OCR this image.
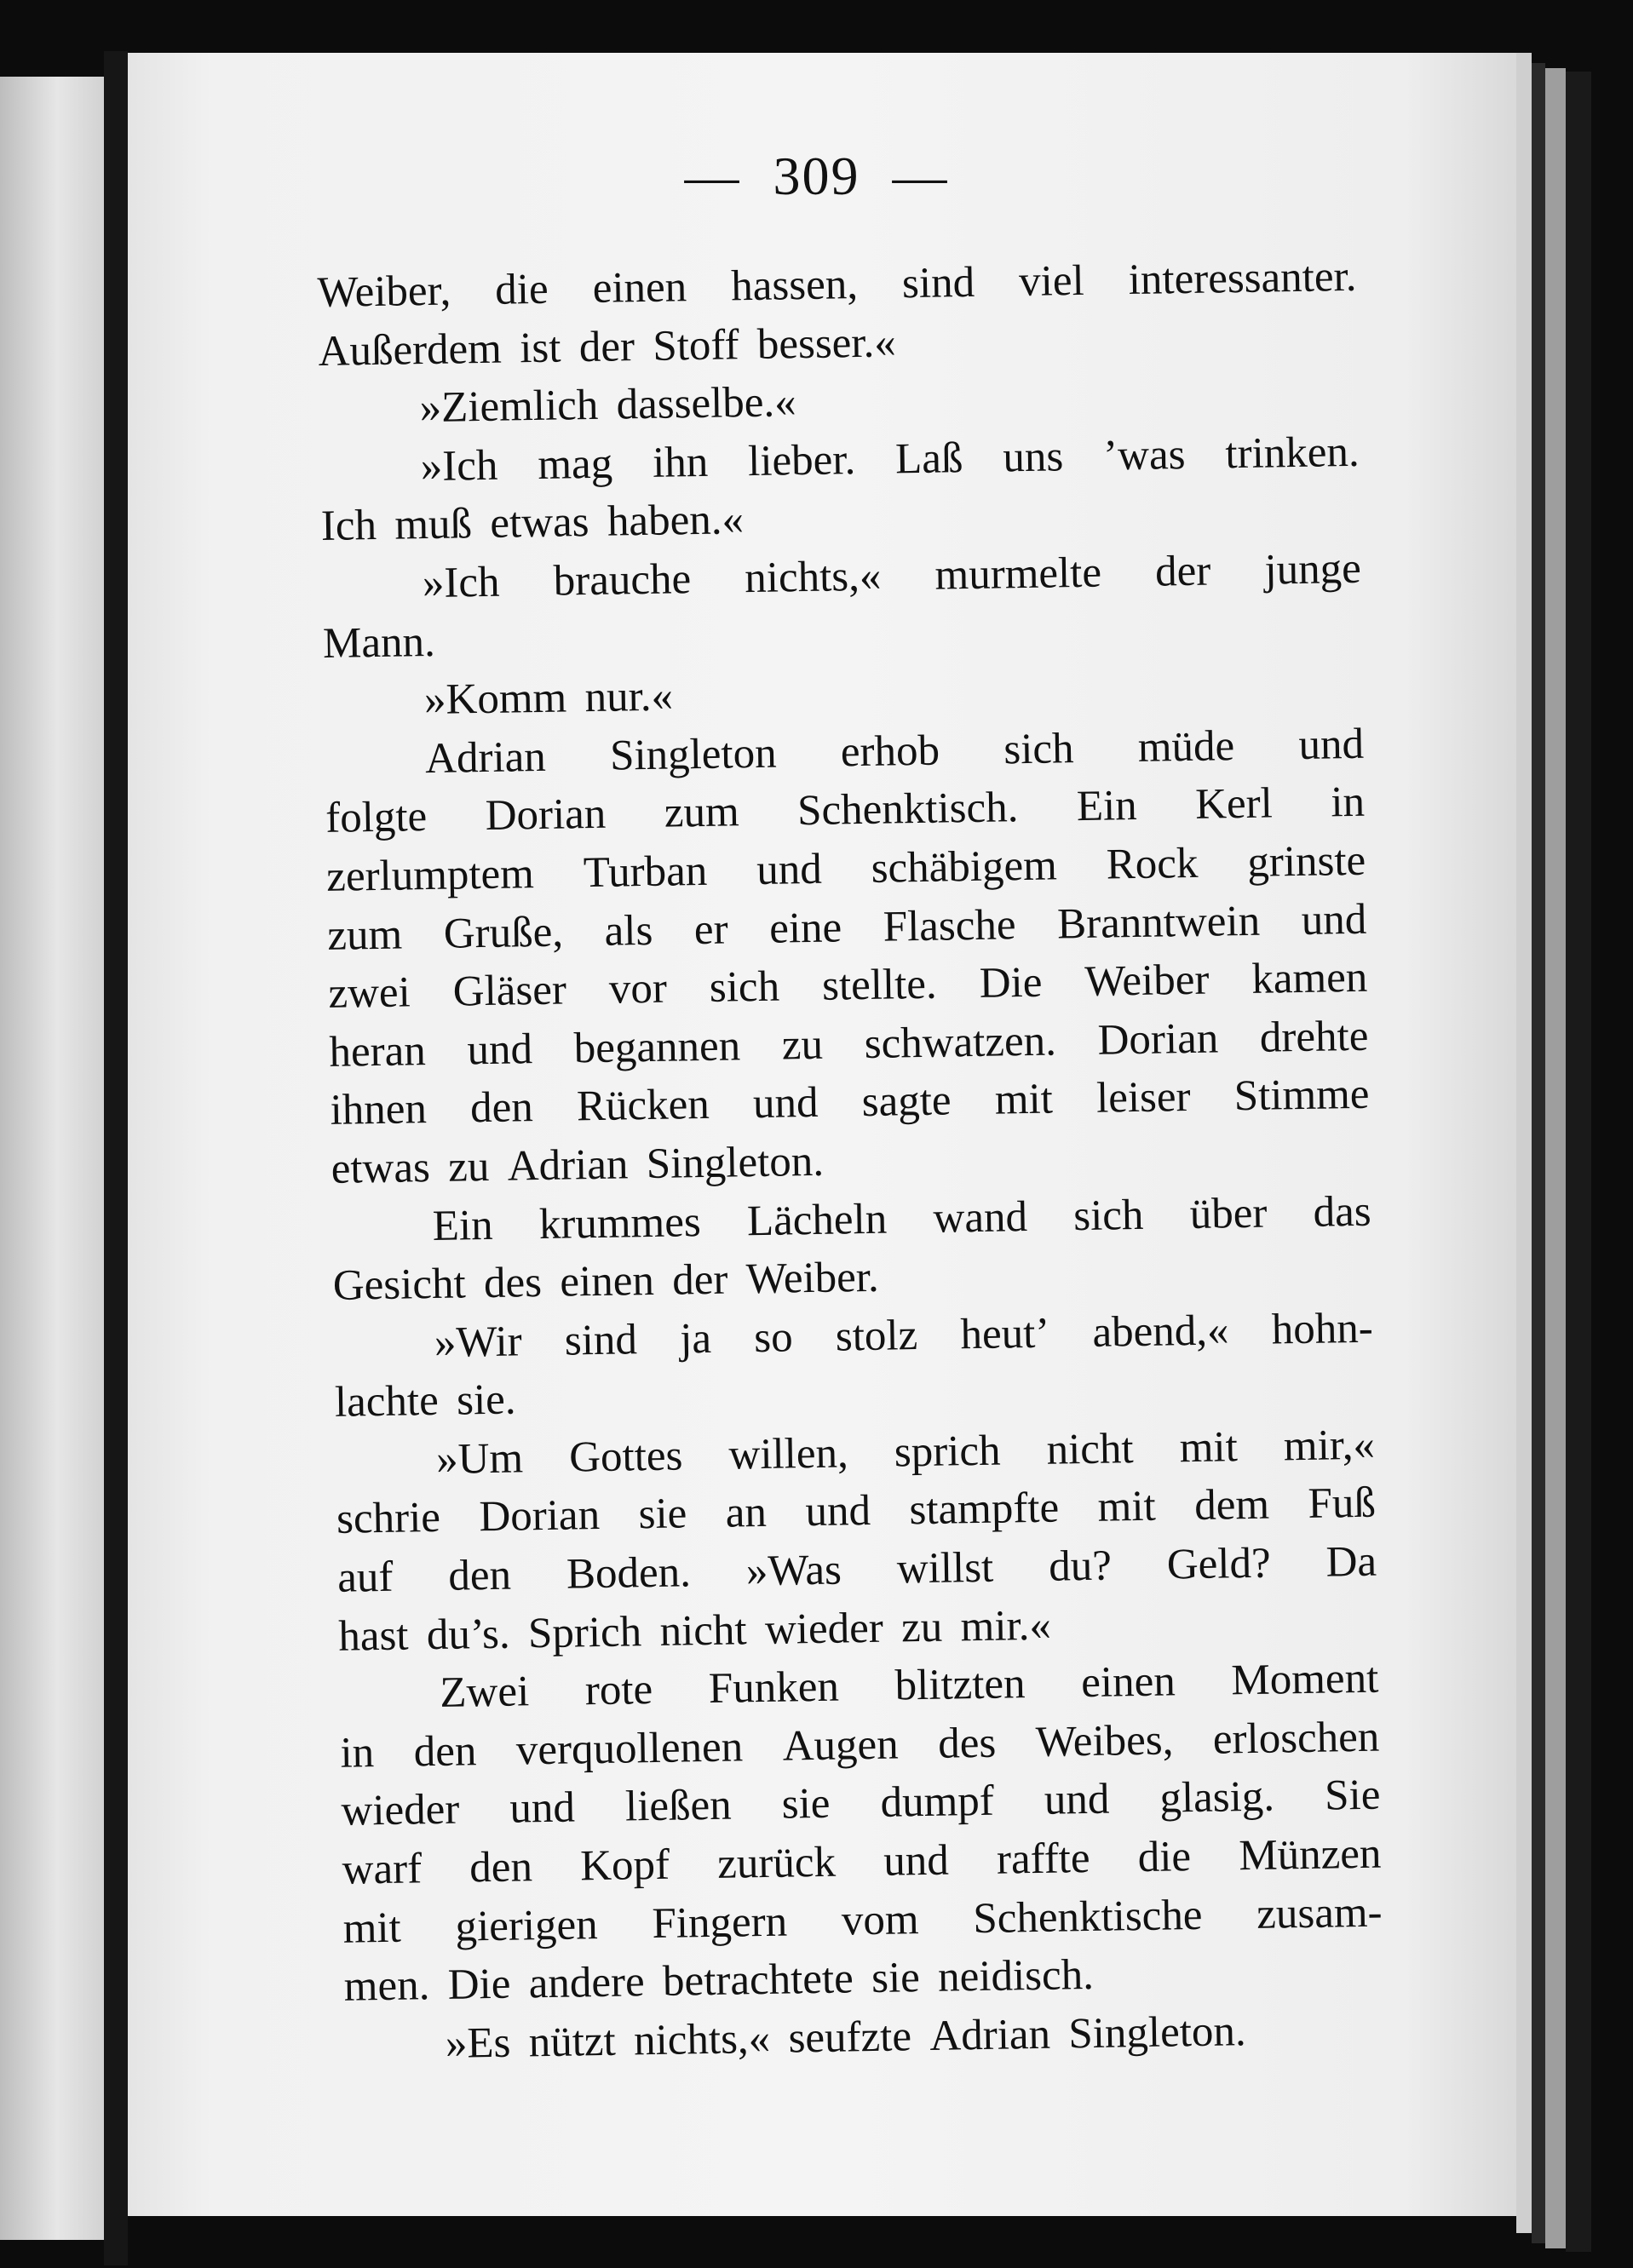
— 309 —
Weiber, die einen hassen, sind viel interessanter.
Außerdem ist der Stoff besser.«
»Ziemlich dasselbe.«
»Ich mag ihn lieber. Laß uns ’was trinken.
Ich muß etwas haben.«
»Ich brauche nichts,« murmelte der junge
Mann.
»Komm nur.«
Adrian Singleton erhob sich müde und
folgte Dorian zum Schenktisch. Ein Kerl in
zerlumptem Turban und schäbigem Rock grinste
zum Gruße, als er eine Flasche Branntwein und
zwei Gläser vor sich stellte. Die Weiber kamen
heran und begannen zu schwatzen. Dorian drehte
ihnen den Rücken und sagte mit leiser Stimme
etwas zu Adrian Singleton.
Ein krummes Lächeln wand sich über das
Gesicht des einen der Weiber.
»Wir sind ja so stolz heut’ abend,« hohn-
lachte sie.
»Um Gottes willen, sprich nicht mit mir,«
schrie Dorian sie an und stampfte mit dem Fuß
auf den Boden. »Was willst du? Geld? Da
hast du’s. Sprich nicht wieder zu mir.«
Zwei rote Funken blitzten einen Moment
in den verquollenen Augen des Weibes, erloschen
wieder und ließen sie dumpf und glasig. Sie
warf den Kopf zurück und raffte die Münzen
mit gierigen Fingern vom Schenktische zusam-
men. Die andere betrachtete sie neidisch.
»Es nützt nichts,« seufzte Adrian Singleton.
